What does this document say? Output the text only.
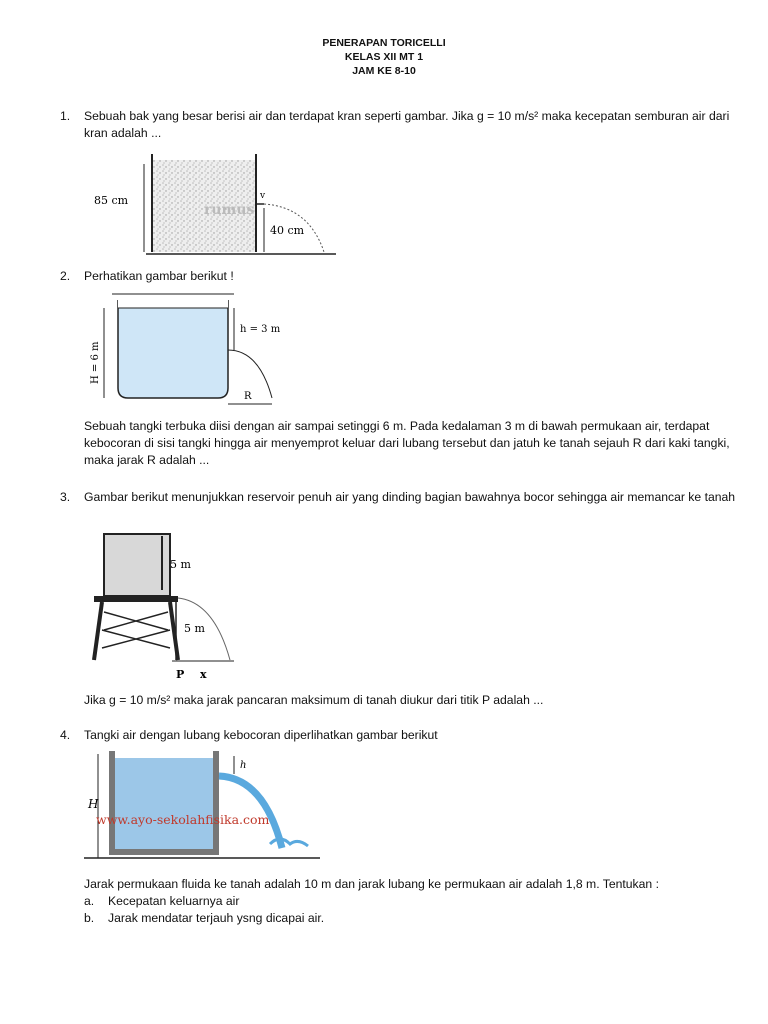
PENERAPAN TORICELLI
KELAS XII MT 1
JAM KE 8-10
1. Sebuah bak yang besar berisi air dan terdapat kran seperti gambar. Jika g = 10 m/s² maka kecepatan semburan air dari kran adalah ...
85 cm
rumus
v
40 cm
2. Perhatikan gambar berikut !
H = 6 m
h = 3 m
R
Sebuah tangki terbuka diisi dengan air sampai setinggi 6 m. Pada kedalaman 3 m di bawah permukaan air, terdapat kebocoran di sisi tangki hingga air menyemprot keluar dari lubang tersebut dan jatuh ke tanah sejauh R dari kaki tangki, maka jarak R adalah ...
3. Gambar berikut menunjukkan reservoir penuh air yang dinding bagian bawahnya bocor sehingga air memancar ke tanah
5 m
5 m
P x
Jika g = 10 m/s² maka jarak pancaran maksimum di tanah diukur dari titik P adalah ...
4. Tangki air dengan lubang kebocoran diperlihatkan gambar berikut
H
h
www.ayo-sekolahfisika.com
Jarak permukaan fluida ke tanah adalah 10 m dan jarak lubang ke permukaan air adalah 1,8 m. Tentukan :
a. Kecepatan keluarnya air
b. Jarak mendatar terjauh ysng dicapai air.
